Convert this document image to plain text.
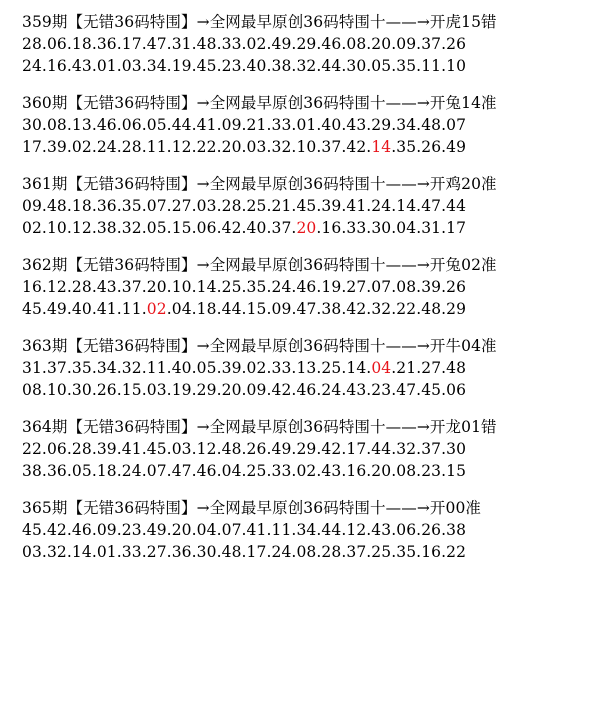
359期【无错36码特围】→全网最早原创36码特围十——→开虎15错
28.06.18.36.17.47.31.48.33.02.49.29.46.08.20.09.37.26
24.16.43.01.03.34.19.45.23.40.38.32.44.30.05.35.11.10
360期【无错36码特围】→全网最早原创36码特围十——→开兔14准
30.08.13.46.06.05.44.41.09.21.33.01.40.43.29.34.48.07
17.39.02.24.28.11.12.22.20.03.32.10.37.42.14.35.26.49
361期【无错36码特围】→全网最早原创36码特围十——→开鸡20准
09.48.18.36.35.07.27.03.28.25.21.45.39.41.24.14.47.44
02.10.12.38.32.05.15.06.42.40.37.20.16.33.30.04.31.17
362期【无错36码特围】→全网最早原创36码特围十——→开兔02准
16.12.28.43.37.20.10.14.25.35.24.46.19.27.07.08.39.26
45.49.40.41.11.02.04.18.44.15.09.47.38.42.32.22.48.29
363期【无错36码特围】→全网最早原创36码特围十——→开牛04准
31.37.35.34.32.11.40.05.39.02.33.13.25.14.04.21.27.48
08.10.30.26.15.03.19.29.20.09.42.46.24.43.23.47.45.06
364期【无错36码特围】→全网最早原创36码特围十——→开龙01错
22.06.28.39.41.45.03.12.48.26.49.29.42.17.44.32.37.30
38.36.05.18.24.07.47.46.04.25.33.02.43.16.20.08.23.15
365期【无错36码特围】→全网最早原创36码特围十——→开00准
45.42.46.09.23.49.20.04.07.41.11.34.44.12.43.06.26.38
03.32.14.01.33.27.36.30.48.17.24.08.28.37.25.35.16.22
